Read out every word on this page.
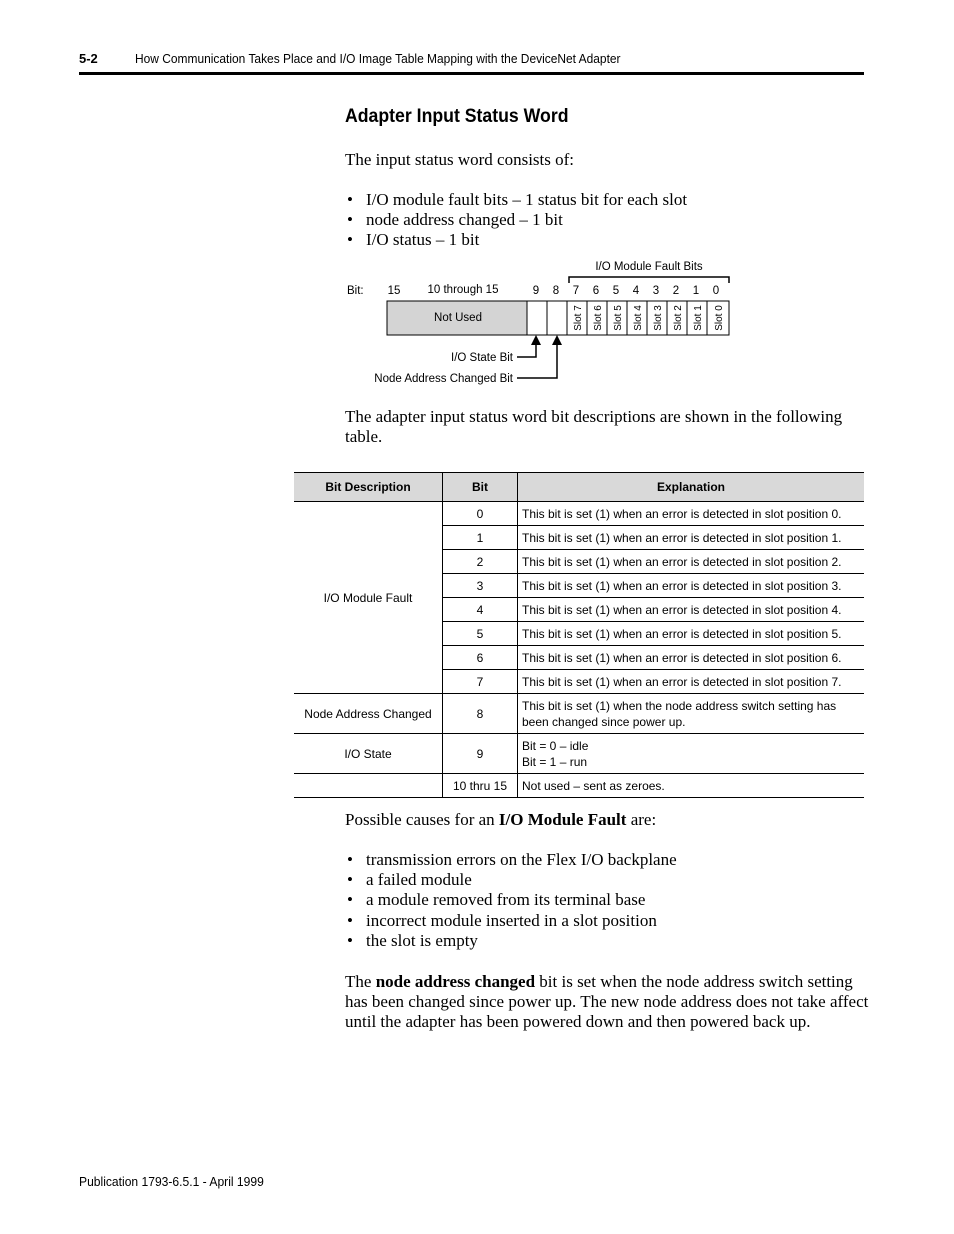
5-2	How Communication Takes Place and I/O Image Table Mapping with the DeviceNet Adapter
Adapter Input Status Word
The input status word consists of:
• I/O module fault bits – 1 status bit for each slot
• node address changed – 1 bit
• I/O status – 1 bit
I/O Module Fault Bits
Bit: 15 10 through 15	9 8 7 6 5 4 3 2 1 0
Not Used	Slot 7 Slot 6 Slot 5 Slot 4 Slot 3 Slot 2 Slot 1 Slot 0
I/O State Bit
Node Address Changed Bit
The adapter input status word bit descriptions are shown in the following table.
Bit Description	Bit	Explanation
I/O Module Fault	0	This bit is set (1) when an error is detected in slot position 0.
	1	This bit is set (1) when an error is detected in slot position 1.
	2	This bit is set (1) when an error is detected in slot position 2.
	3	This bit is set (1) when an error is detected in slot position 3.
	4	This bit is set (1) when an error is detected in slot position 4.
	5	This bit is set (1) when an error is detected in slot position 5.
	6	This bit is set (1) when an error is detected in slot position 6.
	7	This bit is set (1) when an error is detected in slot position 7.
Node Address Changed	8	This bit is set (1) when the node address switch setting has been changed since power up.
I/O State	9	Bit = 0 – idle
Bit = 1 – run
	10 thru 15	Not used – sent as zeroes.
Possible causes for an I/O Module Fault are:
• transmission errors on the Flex I/O backplane
• a failed module
• a module removed from its terminal base
• incorrect module inserted in a slot position
• the slot is empty
The node address changed bit is set when the node address switch setting has been changed since power up. The new node address does not take affect until the adapter has been powered down and then powered back up.
Publication 1793-6.5.1 - April 1999
